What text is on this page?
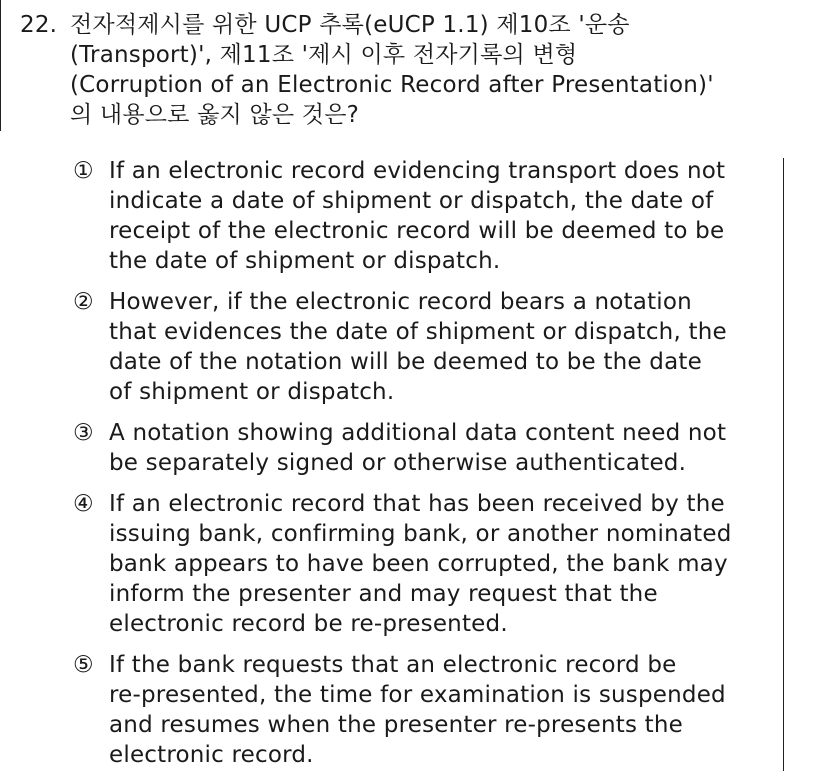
22. 전자적제시를 위한 UCP 추록(eUCP 1.1) 제10조 '운송
(Transport)', 제11조 '제시 이후 전자기록의 변형
(Corruption of an Electronic Record after Presentation)'
의 내용으로 옳지 않은 것은?
① If an electronic record evidencing transport does not
indicate a date of shipment or dispatch, the date of
receipt of the electronic record will be deemed to be
the date of shipment or dispatch.
② However, if the electronic record bears a notation
that evidences the date of shipment or dispatch, the
date of the notation will be deemed to be the date
of shipment or dispatch.
③ A notation showing additional data content need not
be separately signed or otherwise authenticated.
④ If an electronic record that has been received by the
issuing bank, confirming bank, or another nominated
bank appears to have been corrupted, the bank may
inform the presenter and may request that the
electronic record be re-presented.
⑤ If the bank requests that an electronic record be
re-presented, the time for examination is suspended
and resumes when the presenter re-presents the
electronic record.
